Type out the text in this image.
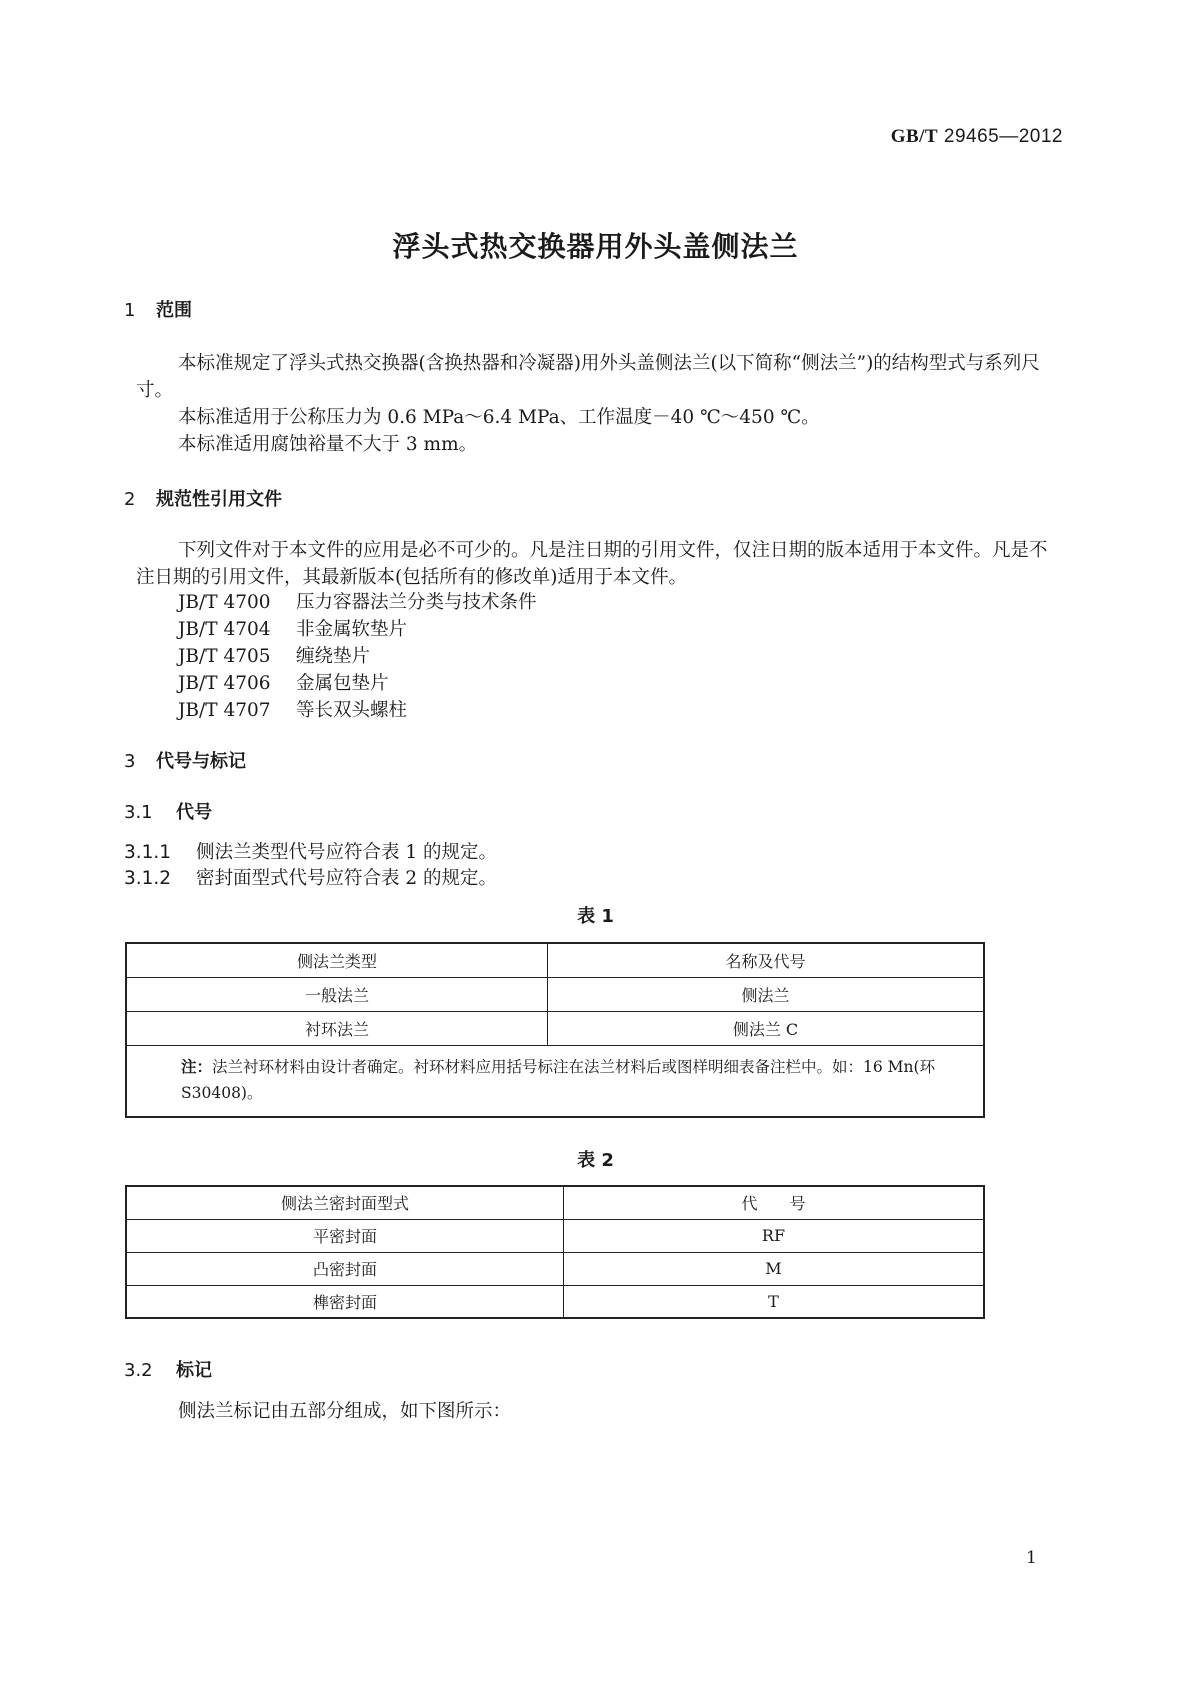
GB/T 29465—2012
浮头式热交换器用外头盖侧法兰
1 范围
本标准规定了浮头式热交换器(含换热器和冷凝器)用外头盖侧法兰(以下简称“侧法兰”)的结构型式与系列尺寸。
本标准适用于公称压力为 0.6 MPa～6.4 MPa、工作温度－40 ℃～450 ℃。
本标准适用腐蚀裕量不大于 3 mm。
2 规范性引用文件
下列文件对于本文件的应用是必不可少的。凡是注日期的引用文件，仅注日期的版本适用于本文件。凡是不注日期的引用文件，其最新版本(包括所有的修改单)适用于本文件。
JB/T 4700 压力容器法兰分类与技术条件
JB/T 4704 非金属软垫片
JB/T 4705 缠绕垫片
JB/T 4706 金属包垫片
JB/T 4707 等长双头螺柱
3 代号与标记
3.1 代号
3.1.1 侧法兰类型代号应符合表 1 的规定。
3.1.2 密封面型式代号应符合表 2 的规定。
表 1
侧法兰类型	名称及代号
一般法兰	侧法兰
衬环法兰	侧法兰 C
注：法兰衬环材料由设计者确定。衬环材料应用括号标注在法兰材料后或图样明细表备注栏中。如：16 Mn(环S30408)。	
表 2
侧法兰密封面型式	代　　号
平密封面	RF
凸密封面	M
榫密封面	T
3.2 标记
侧法兰标记由五部分组成，如下图所示：
1
